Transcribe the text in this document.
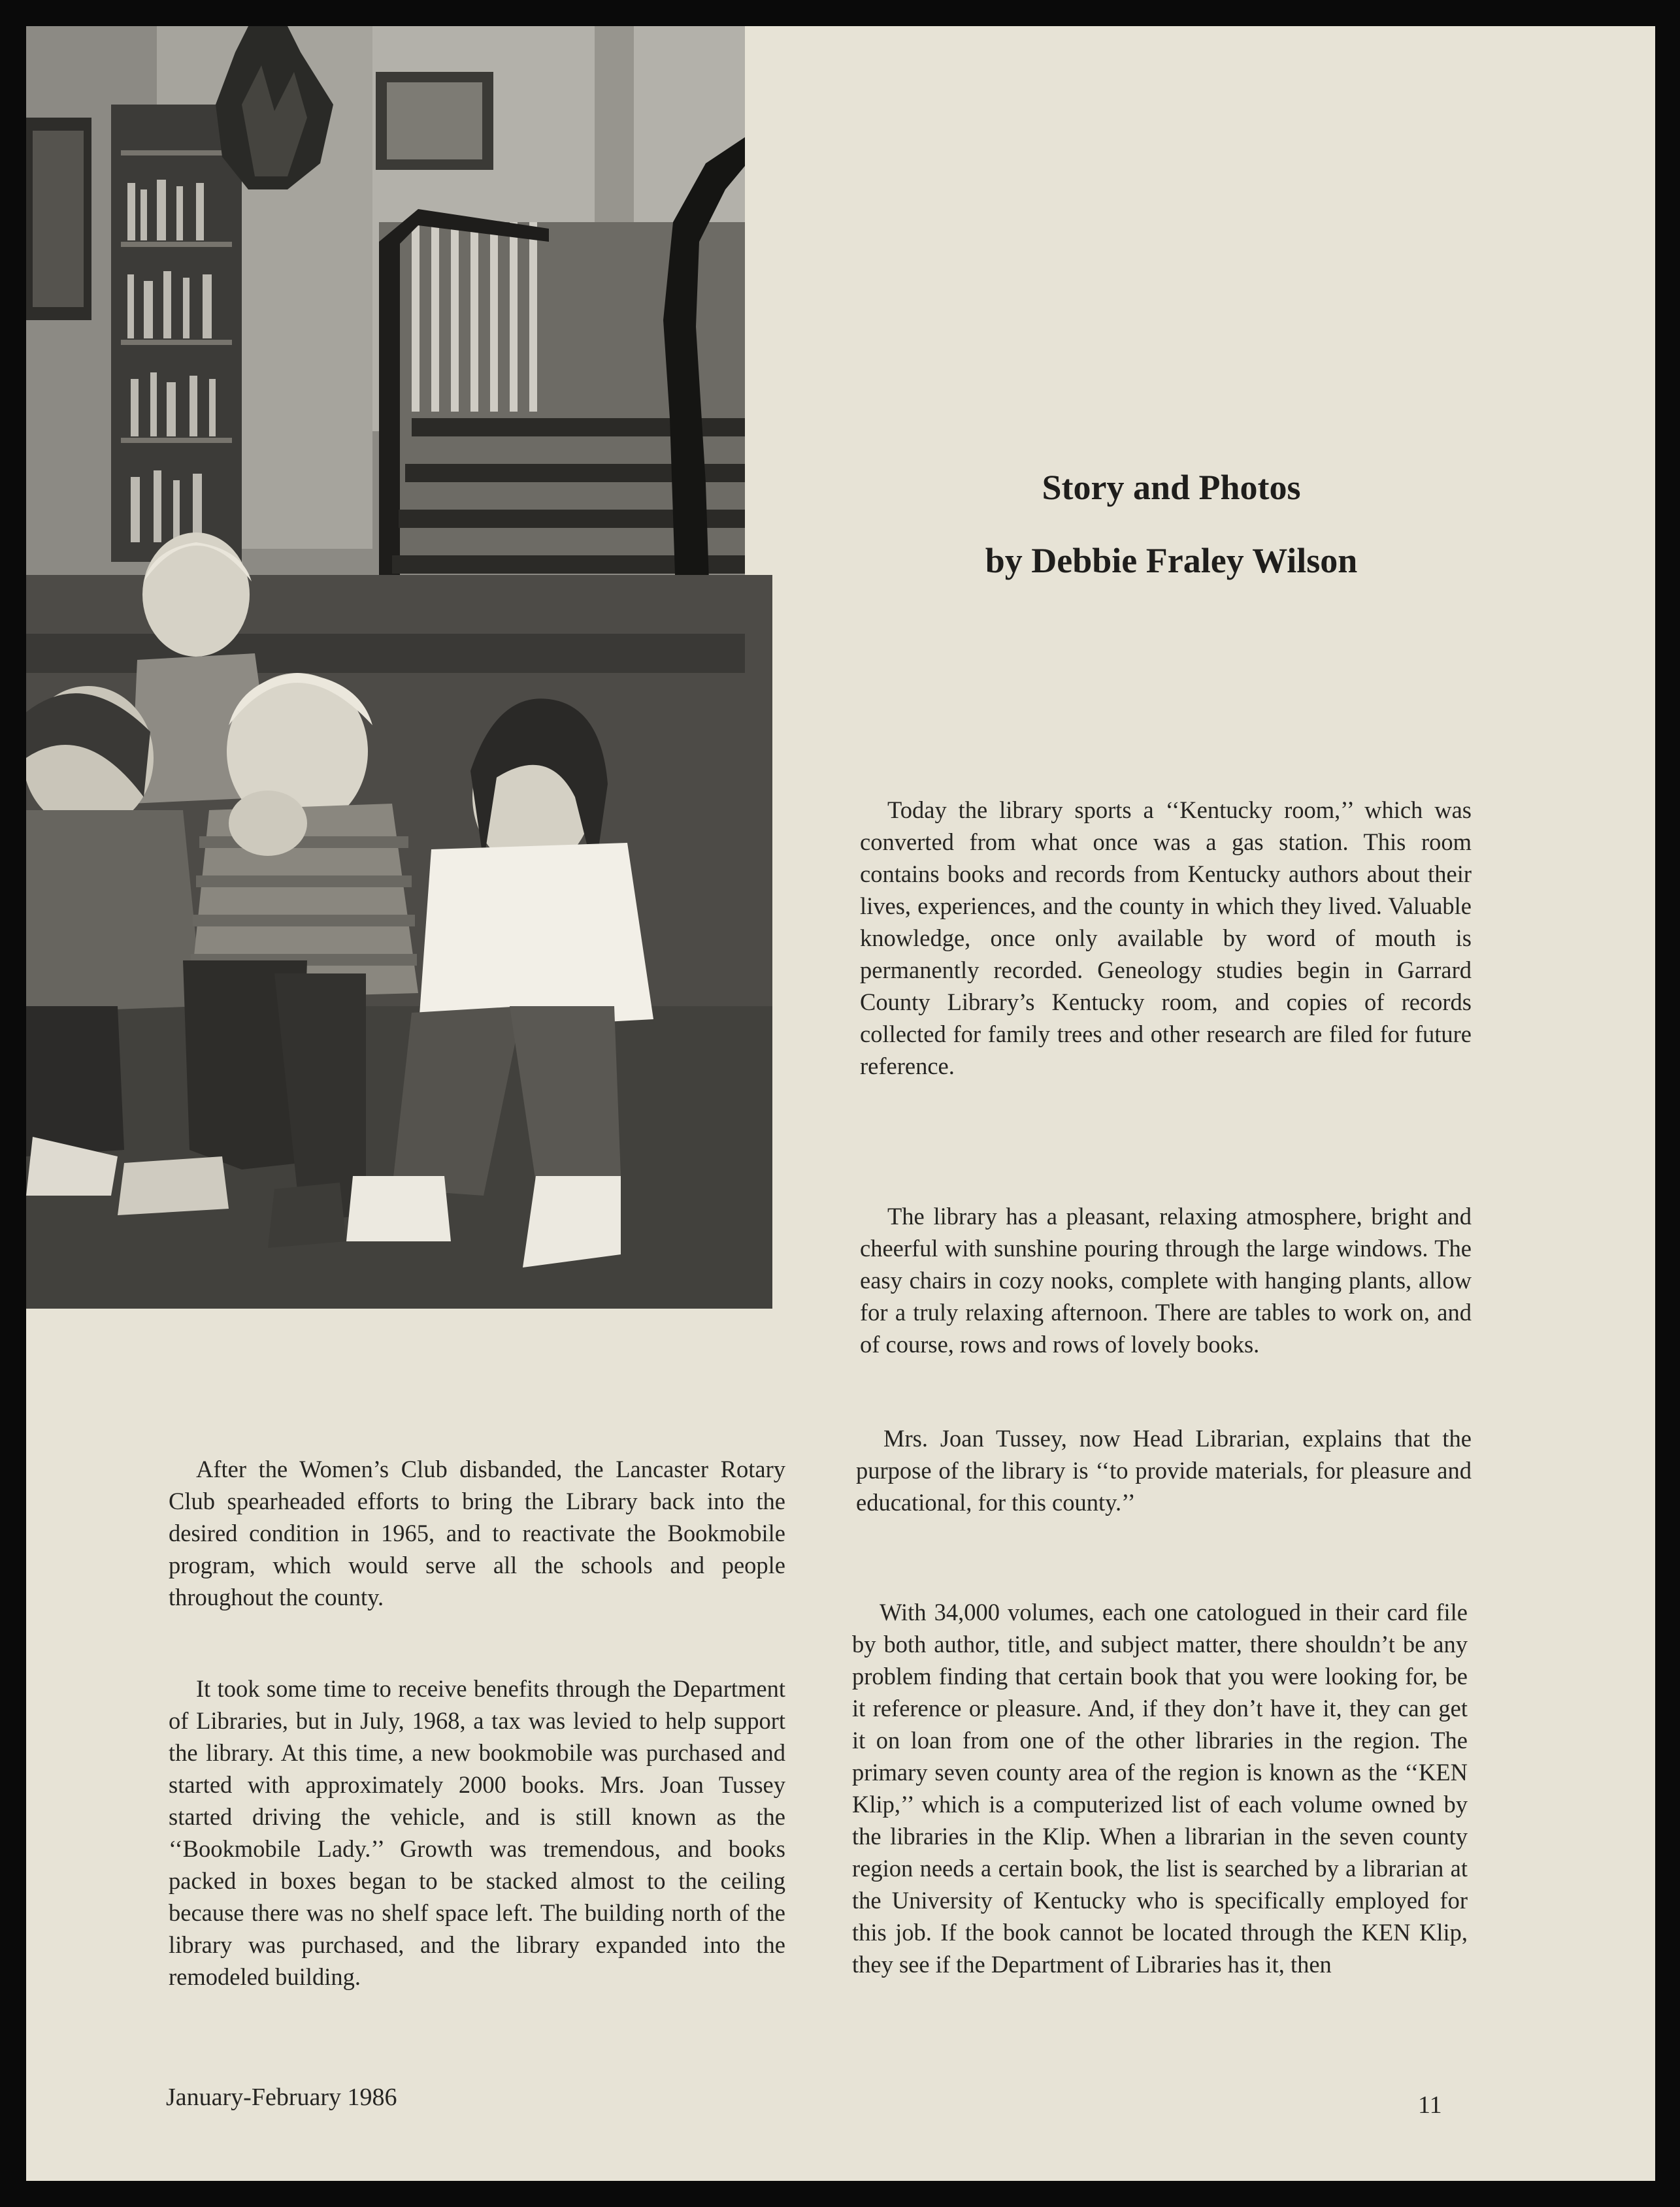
Story and Photos
by Debbie Fraley Wilson

Today the library sports a ‘‘Kentucky room,’’ which was converted from what once was a gas station. This room contains books and records from Kentucky authors about their lives, experiences, and the county in which they lived. Valuable knowledge, once only available by word of mouth is permanently recorded. Geneology studies begin in Garrard County Library’s Kentucky room, and copies of records collected for family trees and other research are filed for future reference.

The library has a pleasant, relaxing atmosphere, bright and cheerful with sunshine pouring through the large windows. The easy chairs in cozy nooks, complete with hanging plants, allow for a truly relaxing afternoon. There are tables to work on, and of course, rows and rows of lovely books.

Mrs. Joan Tussey, now Head Librarian, explains that the purpose of the library is ‘‘to provide materials, for pleasure and educational, for this county.’’

With 34,000 volumes, each one catologued in their card file by both author, title, and subject matter, there shouldn’t be any problem finding that certain book that you were looking for, be it reference or pleasure. And, if they don’t have it, they can get it on loan from one of the other libraries in the region. The primary seven county area of the region is known as the ‘‘KEN Klip,’’ which is a computerized list of each volume owned by the libraries in the Klip. When a librarian in the seven county region needs a certain book, the list is searched by a librarian at the University of Kentucky who is specifically employed for this job. If the book cannot be located through the KEN Klip, they see if the Department of Libraries has it, then

After the Women’s Club disbanded, the Lancaster Rotary Club spearheaded efforts to bring the Library back into the desired condition in 1965, and to reactivate the Bookmobile program, which would serve all the schools and people throughout the county.

It took some time to receive benefits through the Department of Libraries, but in July, 1968, a tax was levied to help support the library. At this time, a new bookmobile was purchased and started with approximately 2000 books. Mrs. Joan Tussey started driving the vehicle, and is still known as the ‘‘Bookmobile Lady.’’ Growth was tremendous, and books packed in boxes began to be stacked almost to the ceiling because there was no shelf space left. The building north of the library was purchased, and the library expanded into the remodeled building.

January-February 1986	11
